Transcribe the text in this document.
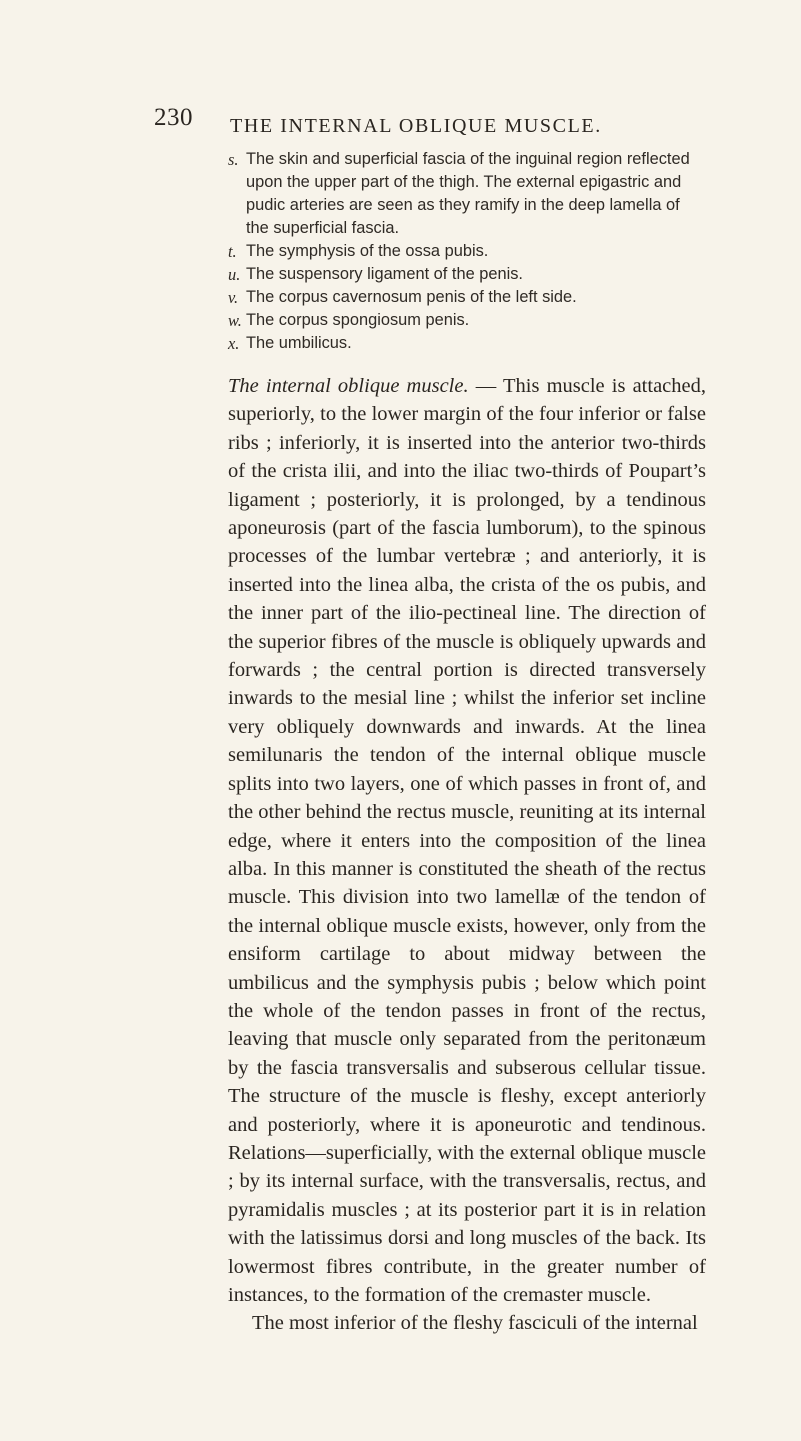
230 THE INTERNAL OBLIQUE MUSCLE.
s. The skin and superficial fascia of the inguinal region reflected upon the upper part of the thigh. The external epigastric and pudic arteries are seen as they ramify in the deep lamella of the superficial fascia.
t. The symphysis of the ossa pubis.
u. The suspensory ligament of the penis.
v. The corpus cavernosum penis of the left side.
w. The corpus spongiosum penis.
x. The umbilicus.

The internal oblique muscle. — This muscle is attached, superiorly, to the lower margin of the four inferior or false ribs ; inferiorly, it is inserted into the anterior two-thirds of the crista ilii, and into the iliac two-thirds of Poupart’s ligament ; posteriorly, it is prolonged, by a tendinous aponeurosis (part of the fascia lumborum), to the spinous processes of the lumbar vertebræ ; and anteriorly, it is inserted into the linea alba, the crista of the os pubis, and the inner part of the ilio-pectineal line. The direction of the superior fibres of the muscle is obliquely upwards and forwards ; the central portion is directed transversely inwards to the mesial line ; whilst the inferior set incline very obliquely downwards and inwards. At the linea semilunaris the tendon of the internal oblique muscle splits into two layers, one of which passes in front of, and the other behind the rectus muscle, reuniting at its internal edge, where it enters into the composition of the linea alba. In this manner is constituted the sheath of the rectus muscle. This division into two lamellæ of the tendon of the internal oblique muscle exists, however, only from the ensiform cartilage to about midway between the umbilicus and the symphysis pubis ; below which point the whole of the tendon passes in front of the rectus, leaving that muscle only separated from the peritonæum by the fascia transversalis and subserous cellular tissue. The structure of the muscle is fleshy, except anteriorly and posteriorly, where it is aponeurotic and tendinous. Relations—superficially, with the external oblique muscle ; by its internal surface, with the transversalis, rectus, and pyramidalis muscles ; at its posterior part it is in relation with the latissimus dorsi and long muscles of the back. Its lowermost fibres contribute, in the greater number of instances, to the formation of the cremaster muscle.

The most inferior of the fleshy fasciculi of the internal
